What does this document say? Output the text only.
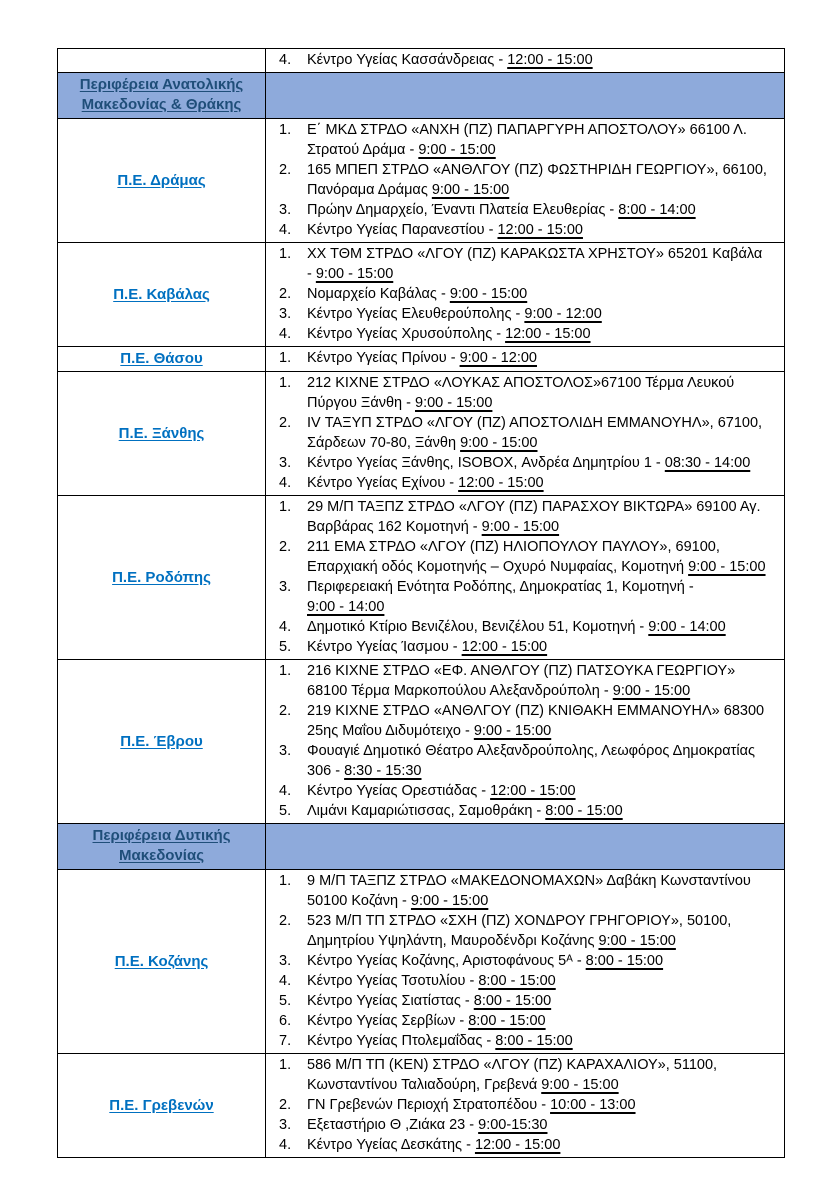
	4. Κέντρο Υγείας Κασσάνδρειας - 12:00 - 15:00

Περιφέρεια Ανατολικής Μακεδονίας & Θράκης	
Π.Ε. Δράμας	
1.	Ε΄ ΜΚΔ ΣΤΡΔΟ «ΑΝΧΗ (ΠΖ) ΠΑΠΑΡΓΥΡΗ ΑΠΟΣΤΟΛΟΥ» 66100 Λ. Στρατού Δράμα - 9:00 - 15:00
2.	165 ΜΠΕΠ ΣΤΡΔΟ «ΑΝΘΛΓΟΥ (ΠΖ) ΦΩΣΤΗΡΙΔΗ ΓΕΩΡΓΙΟΥ», 66100, Πανόραμα Δράμας 9:00 - 15:00
3.	Πρώην Δημαρχείο, Έναντι Πλατεία Ελευθερίας - 8:00 - 14:00
4.	Κέντρο Υγείας Παρανεστίου - 12:00 - 15:00

Π.Ε. Καβάλας	
1.	ΧΧ ΤΘΜ ΣΤΡΔΟ «ΛΓΟΥ (ΠΖ) ΚΑΡΑΚΩΣΤΑ ΧΡΗΣΤΟΥ» 65201 Καβάλα - 9:00 - 15:00
2.	Νομαρχείο Καβάλας - 9:00 - 15:00
3.	Κέντρο Υγείας Ελευθερούπολης - 9:00 - 12:00
4.	Κέντρο Υγείας Χρυσούπολης - 12:00 - 15:00

Π.Ε. Θάσου	1. Κέντρο Υγείας Πρίνου - 9:00 - 12:00

Π.Ε. Ξάνθης	
1.	212 ΚΙΧΝΕ ΣΤΡΔΟ «ΛΟΥΚΑΣ ΑΠΟΣΤΟΛΟΣ»67100 Τέρμα Λευκού Πύργου Ξάνθη - 9:00 - 15:00
2.	IV ΤΑΞΥΠ ΣΤΡΔΟ «ΛΓΟΥ (ΠΖ) ΑΠΟΣΤΟΛΙΔΗ ΕΜΜΑΝΟΥΗΛ», 67100, Σάρδεων 70-80, Ξάνθη 9:00 - 15:00
3.	Κέντρο Υγείας Ξάνθης, ISOBOX, Ανδρέα Δημητρίου 1 - 08:30 - 14:00
4.	Κέντρο Υγείας Εχίνου - 12:00 - 15:00

Π.Ε. Ροδόπης	
1.	29 Μ/Π ΤΑΞΠΖ ΣΤΡΔΟ «ΛΓΟΥ (ΠΖ) ΠΑΡΑΣΧΟΥ ΒΙΚΤΩΡΑ» 69100 Αγ. Βαρβάρας 162 Κομοτηνή - 9:00 - 15:00
2.	211 ΕΜΑ ΣΤΡΔΟ «ΛΓΟΥ (ΠΖ) ΗΛΙΟΠΟΥΛΟΥ ΠΑΥΛΟΥ», 69100, Επαρχιακή οδός Κομοτηνής – Οχυρό Νυμφαίας, Κομοτηνή 9:00 - 15:00
3.	Περιφερειακή Ενότητα Ροδόπης, Δημοκρατίας 1, Κομοτηνή - 9:00 - 14:00
4.	Δημοτικό Κτίριο Βενιζέλου, Βενιζέλου 51, Κομοτηνή - 9:00 - 14:00
5.	Κέντρο Υγείας Ίασμου - 12:00 - 15:00

Π.Ε. Έβρου	
1.	216 ΚΙΧΝΕ ΣΤΡΔΟ «ΕΦ. ΑΝΘΛΓΟΥ (ΠΖ) ΠΑΤΣΟΥΚΑ ΓΕΩΡΓΙΟΥ» 68100 Τέρμα Μαρκοπούλου Αλεξανδρούπολη - 9:00 - 15:00
2.	219 ΚΙΧΝΕ ΣΤΡΔΟ «ΑΝΘΛΓΟΥ (ΠΖ) ΚΝΙΘΑΚΗ ΕΜΜΑΝΟΥΗΛ» 68300 25ης Μαΐου Διδυμότειχο - 9:00 - 15:00
3.	Φουαγιέ Δημοτικό Θέατρο Αλεξανδρούπολης, Λεωφόρος Δημοκρατίας 306 - 8:30 - 15:30
4.	Κέντρο Υγείας Ορεστιάδας - 12:00 - 15:00
5.	Λιμάνι Καμαριώτισσας, Σαμοθράκη - 8:00 - 15:00

Περιφέρεια Δυτικής Μακεδονίας	
Π.Ε. Κοζάνης	
1.	9 Μ/Π ΤΑΞΠΖ ΣΤΡΔΟ «ΜΑΚΕΔΟΝΟΜΑΧΩΝ» Δαβάκη Κωνσταντίνου 50100 Κοζάνη - 9:00 - 15:00
2.	523 Μ/Π ΤΠ ΣΤΡΔΟ «ΣΧΗ (ΠΖ) ΧΟΝΔΡΟΥ ΓΡΗΓΟΡΙΟΥ», 50100, Δημητρίου Υψηλάντη, Μαυροδένδρι Κοζάνης 9:00 - 15:00
3.	Κέντρο Υγείας Κοζάνης, Αριστοφάνους 5ᴬ - 8:00 - 15:00
4.	Κέντρο Υγείας Τσοτυλίου - 8:00 - 15:00
5.	Κέντρο Υγείας Σιατίστας - 8:00 - 15:00
6.	Κέντρο Υγείας Σερβίων - 8:00 - 15:00
7.	Κέντρο Υγείας Πτολεμαΐδας - 8:00 - 15:00

Π.Ε. Γρεβενών	
1.	586 Μ/Π ΤΠ (ΚΕΝ) ΣΤΡΔΟ «ΛΓΟΥ (ΠΖ) ΚΑΡΑΧΑΛΙΟΥ», 51100, Κωνσταντίνου Ταλιαδούρη, Γρεβενά 9:00 - 15:00
2.	ΓΝ Γρεβενών Περιοχή Στρατοπέδου - 10:00 - 13:00
3.	Εξεταστήριο Θ ,Ζιάκα 23 - 9:00-15:30
4.	Κέντρο Υγείας Δεσκάτης - 12:00 - 15:00
